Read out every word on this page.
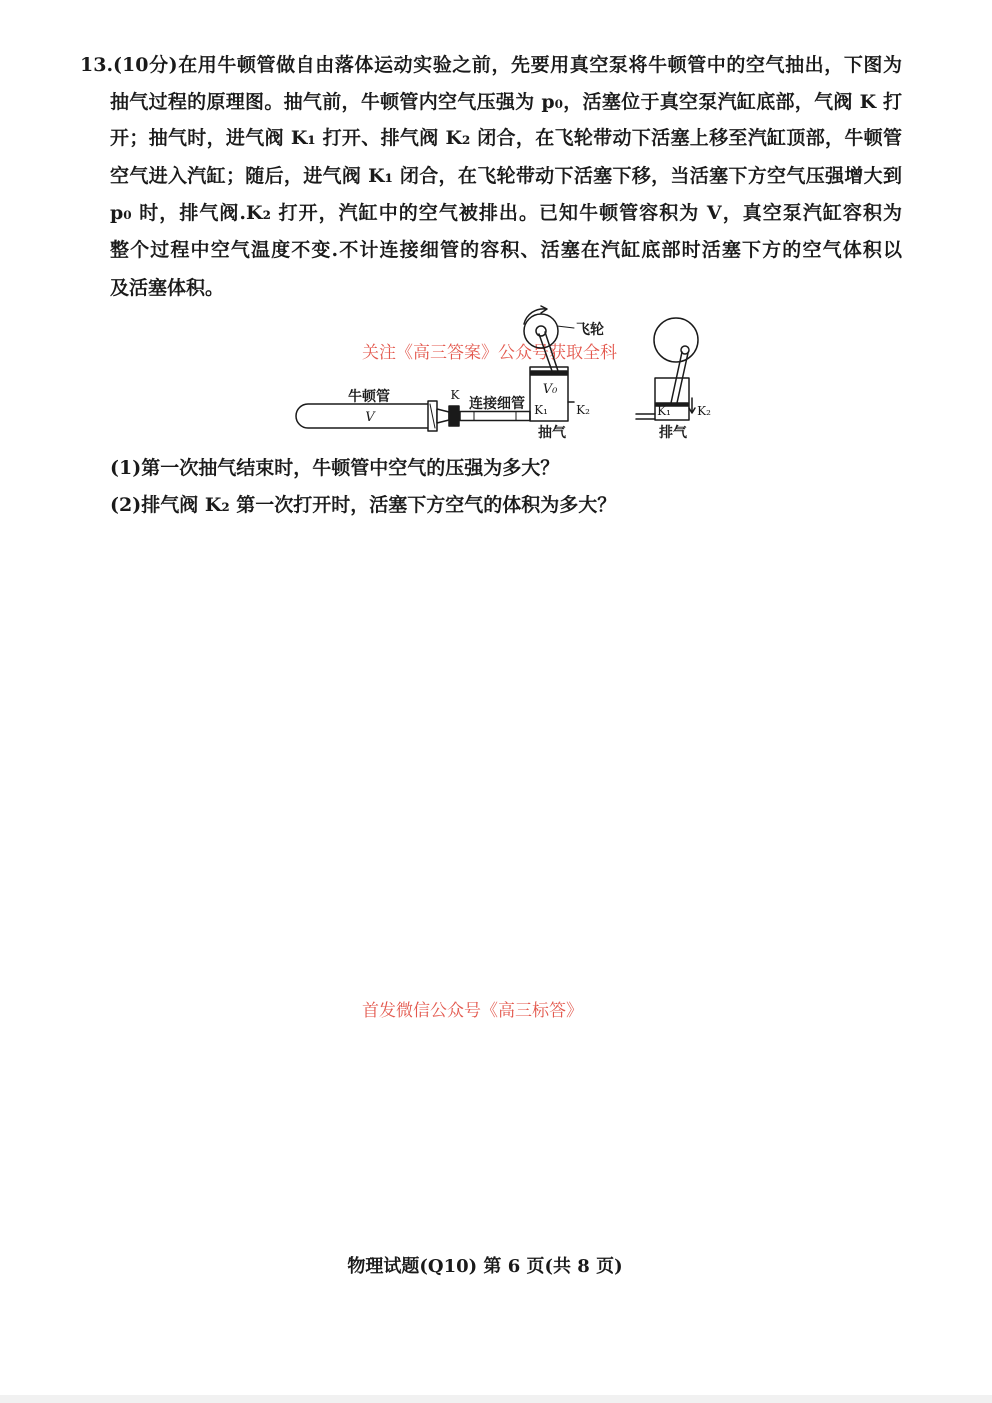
13.(10分)在用牛顿管做自由落体运动实验之前，先要用真空泵将牛顿管中的空气抽出，下图为
抽气过程的原理图。抽气前，牛顿管内空气压强为 p₀，活塞位于真空泵汽缸底部，气阀 K 打
开；抽气时，进气阀 K₁ 打开、排气阀 K₂ 闭合，在飞轮带动下活塞上移至汽缸顶部，牛顿管
空气进入汽缸；随后，进气阀 K₁ 闭合，在飞轮带动下活塞下移，当活塞下方空气压强增大到
p₀ 时，排气阀.K₂ 打开，汽缸中的空气被排出。已知牛顿管容积为 V，真空泵汽缸容积为
整个过程中空气温度不变.不计连接细管的容积、活塞在汽缸底部时活塞下方的空气体积以
及活塞体积。
关注《高三答案》公众号获取全科
牛顿管
V
K
连接细管
V₀
K₁ K₂
抽气
飞轮
K₁ K₂
排气
(1)第一次抽气结束时，牛顿管中空气的压强为多大？
(2)排气阀 K₂ 第一次打开时，活塞下方空气的体积为多大？
首发微信公众号《高三标答》
物理试题(Q10) 第 6 页(共 8 页)
